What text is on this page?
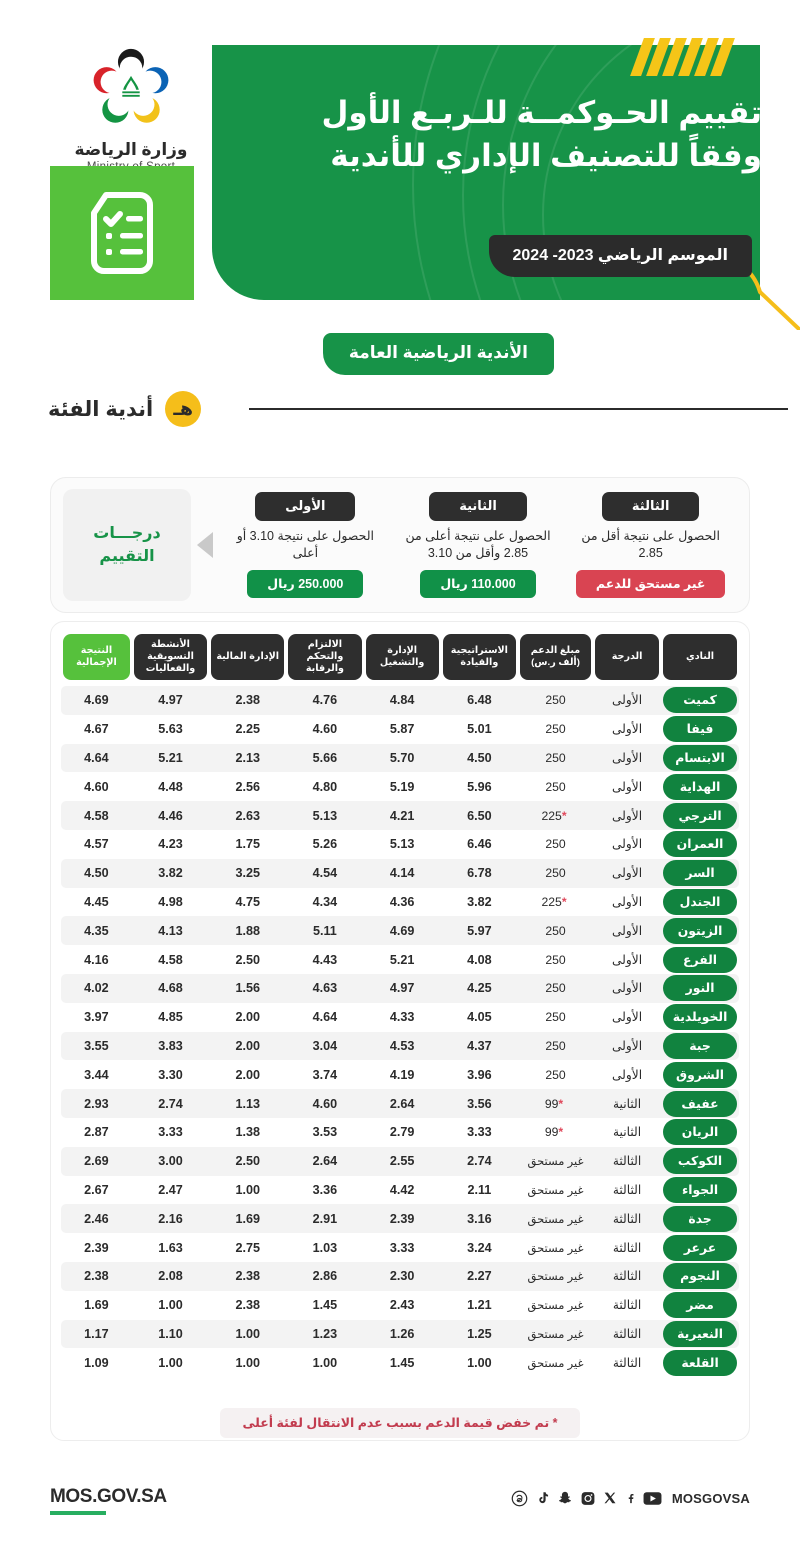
تقييم الحـوكمــة للـربـع الأول
وفقاً للتصنيف الإداري للأندية
الموسم الرياضي 2023- 2024
وزارة الرياضة
الأندية الرياضية العامة
هـ
أندية الفئة
درجـــات
التقييم
الأولى
الحصول على نتيجة 3.10 أو أعلى
250.000 ريال
الثانية
الحصول على نتيجة أعلى من 2.85 وأقل من 3.10
110.000 ريال
الثالثة
الحصول على نتيجة أقل من 2.85
غير مستحق للدعم
النادي	الدرجة	مبلغ الدعم (ألف ر.س)	الاستراتيجية والقيادة	الإدارة والتشغيل	الالتزام والتحكم والرقابة	الإدارة المالية	الأنشطة التسويقية والفعاليات	النتيجة الإجمالية

كميت	الأولى	250	6.48	4.84	4.76	2.38	4.97	4.69

فيفا	الأولى	250	5.01	5.87	4.60	2.25	5.63	4.67

الابتسام	الأولى	250	4.50	5.70	5.66	2.13	5.21	4.64

الهداية	الأولى	250	5.96	5.19	4.80	2.56	4.48	4.60

الترجي	الأولى	*225	6.50	4.21	5.13	2.63	4.46	4.58

العمران	الأولى	250	6.46	5.13	5.26	1.75	4.23	4.57

السر	الأولى	250	6.78	4.14	4.54	3.25	3.82	4.50

الجندل	الأولى	*225	3.82	4.36	4.34	4.75	4.98	4.45

الزيتون	الأولى	250	5.97	4.69	5.11	1.88	4.13	4.35

الفرع	الأولى	250	4.08	5.21	4.43	2.50	4.58	4.16

النور	الأولى	250	4.25	4.97	4.63	1.56	4.68	4.02

الخويلدية	الأولى	250	4.05	4.33	4.64	2.00	4.85	3.97

جبة	الأولى	250	4.37	4.53	3.04	2.00	3.83	3.55

الشروق	الأولى	250	3.96	4.19	3.74	2.00	3.30	3.44

عفيف	الثانية	*99	3.56	2.64	4.60	1.13	2.74	2.93

الريان	الثانية	*99	3.33	2.79	3.53	1.38	3.33	2.87

الكوكب	الثالثة	غير مستحق	2.74	2.55	2.64	2.50	3.00	2.69

الجواء	الثالثة	غير مستحق	2.11	4.42	3.36	1.00	2.47	2.67

جدة	الثالثة	غير مستحق	3.16	2.39	2.91	1.69	2.16	2.46

عرعر	الثالثة	غير مستحق	3.24	3.33	1.03	2.75	1.63	2.39

النجوم	الثالثة	غير مستحق	2.27	2.30	2.86	2.38	2.08	2.38

مضر	الثالثة	غير مستحق	1.21	2.43	1.45	2.38	1.00	1.69

النعيرية	الثالثة	غير مستحق	1.25	1.26	1.23	1.00	1.10	1.17

القلعة	الثالثة	غير مستحق	1.00	1.45	1.00	1.00	1.00	1.09
* تم خفض قيمة الدعم بسبب عدم الانتقال لفئة أعلى
MOS.GOV.SA	MOSGOVSA
